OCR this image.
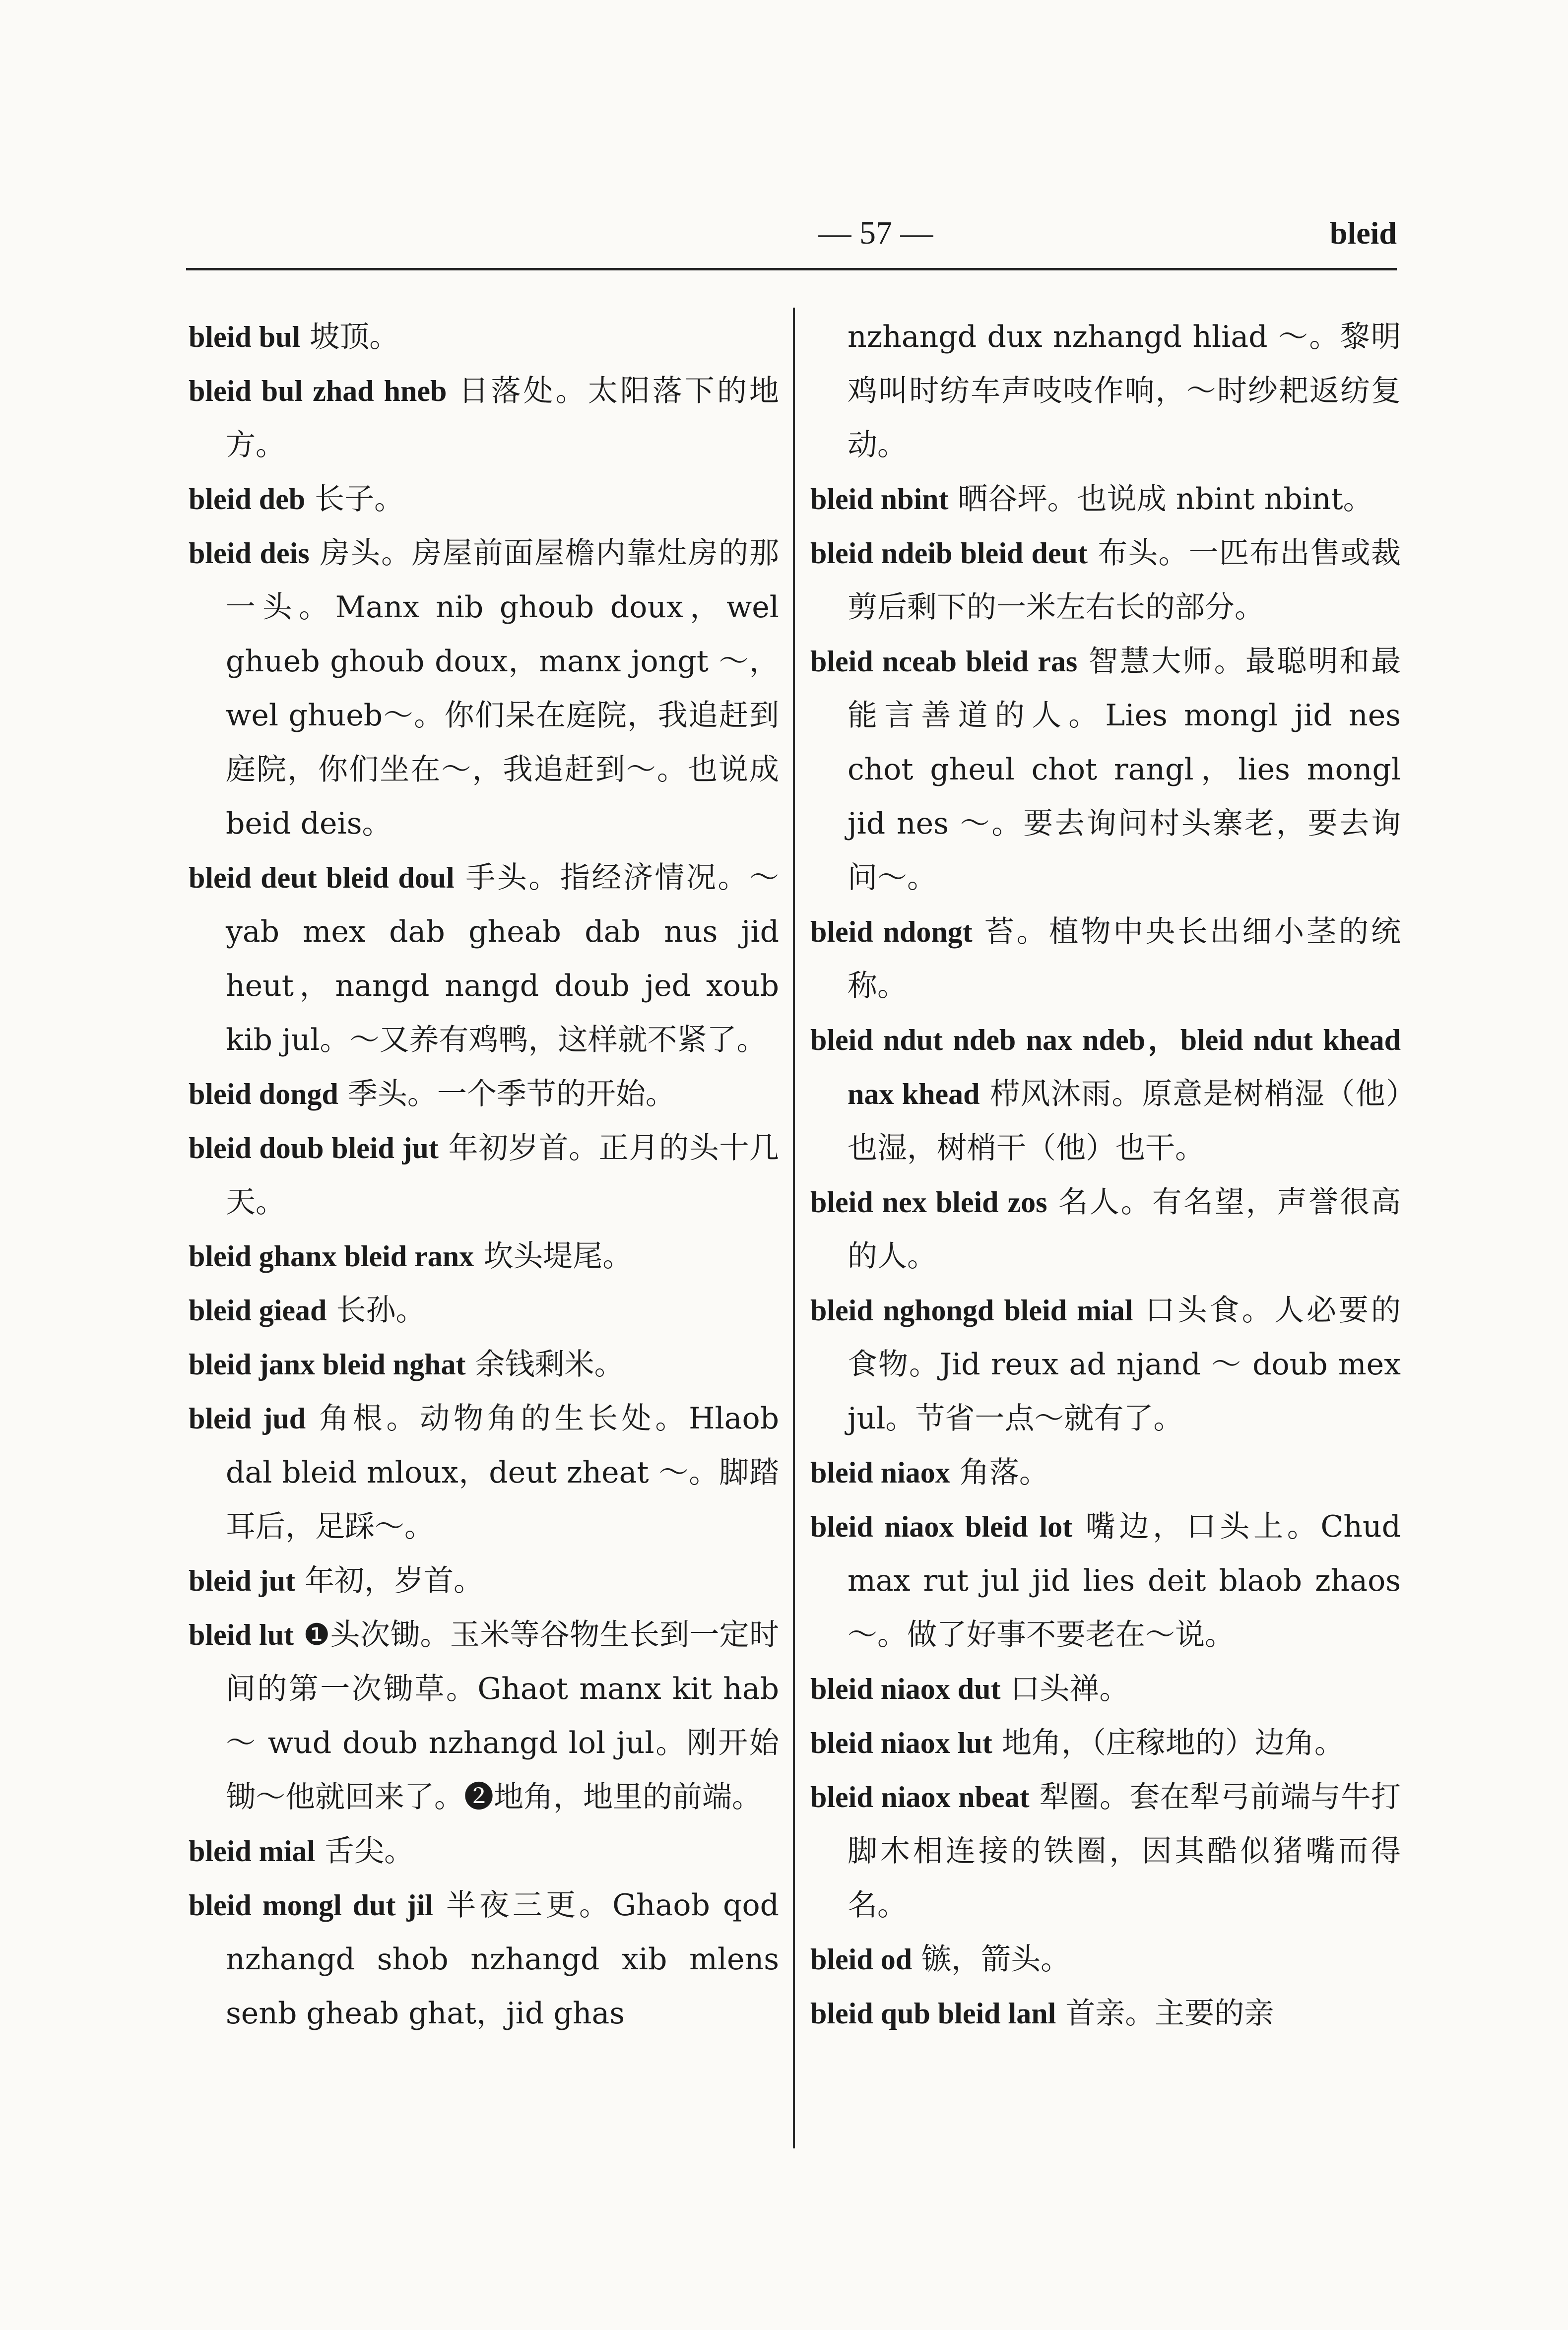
— 57 —	bleid

bleid bul 坡顶。

bleid bul zhad hneb 日落处。太阳落下的地方。

bleid deb 长子。

bleid deis 房头。房屋前面屋檐内靠灶房的那一头。Manx nib ghoub doux，wel ghueb ghoub doux，manx jongt ～，wel ghueb～。你们呆在庭院，我追赶到庭院，你们坐在～，我追赶到～。也说成 beid deis。

bleid deut bleid doul 手头。指经济情况。～ yab mex dab gheab dab nus jid heut，nangd nangd doub jed xoub kib jul。～又养有鸡鸭，这样就不紧了。

bleid dongd 季头。一个季节的开始。

bleid doub bleid jut 年初岁首。正月的头十几天。

bleid ghanx bleid ranx 坎头堤尾。

bleid giead 长孙。

bleid janx bleid nghat 余钱剩米。

bleid jud 角根。动物角的生长处。Hlaob dal bleid mloux，deut zheat ～。脚踏耳后，足踩～。

bleid jut 年初，岁首。

bleid lut ❶头次锄。玉米等谷物生长到一定时间的第一次锄草。Ghaot manx kit hab ～ wud doub nzhangd lol jul。刚开始锄～他就回来了。❷地角，地里的前端。

bleid mial 舌尖。

bleid mongl dut jil 半夜三更。Ghaob qod nzhangd shob nzhangd xib mlens senb gheab ghat，jid ghas

nzhangd dux nzhangd hliad ～。黎明鸡叫时纺车声吱吱作响，～时纱耙返纺复动。

bleid nbint 晒谷坪。也说成 nbint nbint。

bleid ndeib bleid deut 布头。一匹布出售或裁剪后剩下的一米左右长的部分。

bleid nceab bleid ras 智慧大师。最聪明和最能言善道的人。Lies mongl jid nes chot gheul chot rangl，lies mongl jid nes ～。要去询问村头寨老，要去询问～。

bleid ndongt 苔。植物中央长出细小茎的统称。

bleid ndut ndeb nax ndeb，bleid ndut khead nax khead 栉风沐雨。原意是树梢湿（他）也湿，树梢干（他）也干。

bleid nex bleid zos 名人。有名望，声誉很高的人。

bleid nghongd bleid mial 口头食。人必要的食物。Jid reux ad njand ～ doub mex jul。节省一点～就有了。

bleid niaox 角落。

bleid niaox bleid lot 嘴边，口头上。Chud max rut jul jid lies deit blaob zhaos ～。做了好事不要老在～说。

bleid niaox dut 口头禅。

bleid niaox lut 地角，（庄稼地的）边角。

bleid niaox nbeat 犁圈。套在犁弓前端与牛打脚木相连接的铁圈，因其酷似猪嘴而得名。

bleid od 镞，箭头。

bleid qub bleid lanl 首亲。主要的亲
